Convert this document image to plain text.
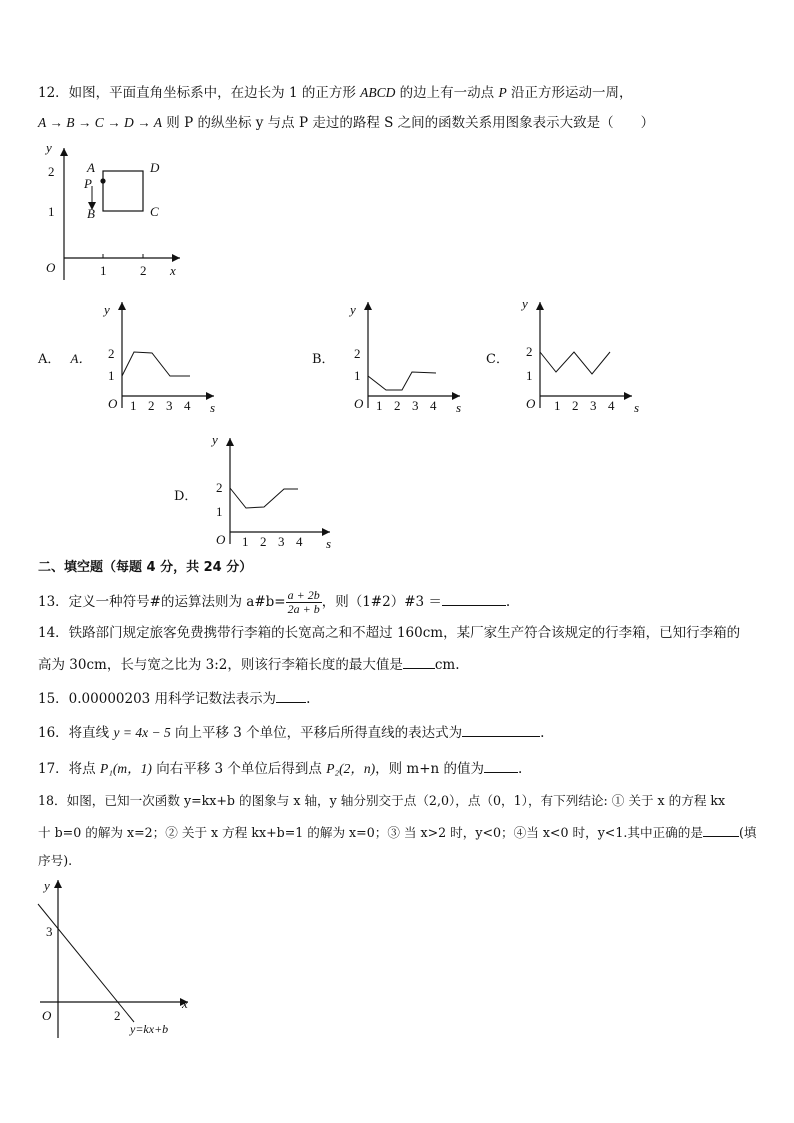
12．如图，平面直角坐标系中，在边长为 1 的正方形 ABCD 的边上有一动点 P 沿正方形运动一周，
A → B → C → D → A 则 P 的纵坐标 y 与点 P 走过的路程 S 之间的函数关系用图象表示大致是（　　）
y
2
1
O	1	2 x
A
P
B
D
C
A． A．	B．	C．
D．
y
2
1
O 1 2 3 4 s
y
2
1
O 1 2 3 4 s
y
2
1
O 1 2 3 4 s
y
2
1
O 1 2 3 4 s
二、填空题（每题 4 分，共 24 分）
13．定义一种符号#的运算法则为 a#b= $\frac{a + 2b}{2a + b}$ ，则（1#2）#3 ＝	.
14．铁路部门规定旅客免费携带行李箱的长宽高之和不超过 160cm，某厂家生产符合该规定的行李箱，已知行李箱的
高为 30cm，长与宽之比为 3:2，则该行李箱长度的最大值是 cm.
15．0.00000203 用科学记数法表示为 .
16．将直线 y = 4x − 5 向上平移 3 个单位，平移后所得直线的表达式为	.
17．将点 P₁(m，1) 向右平移 3 个单位后得到点 P₂(2，n)，则 m+n 的值为	.
18．如图，已知一次函数 y=kx+b 的图象与 x 轴，y 轴分别交于点（2,0），点（0，1），有下列结论: ① 关于 x 的方程 kx
十 b=0 的解为 x=2；② 关于 x 方程 kx+b=1 的解为 x=0；③ 当 x>2 时，y<0；④当 x<0 时，y<1.其中正确的是	(填
序号).
y
3
O	2
x
y=kx+b
